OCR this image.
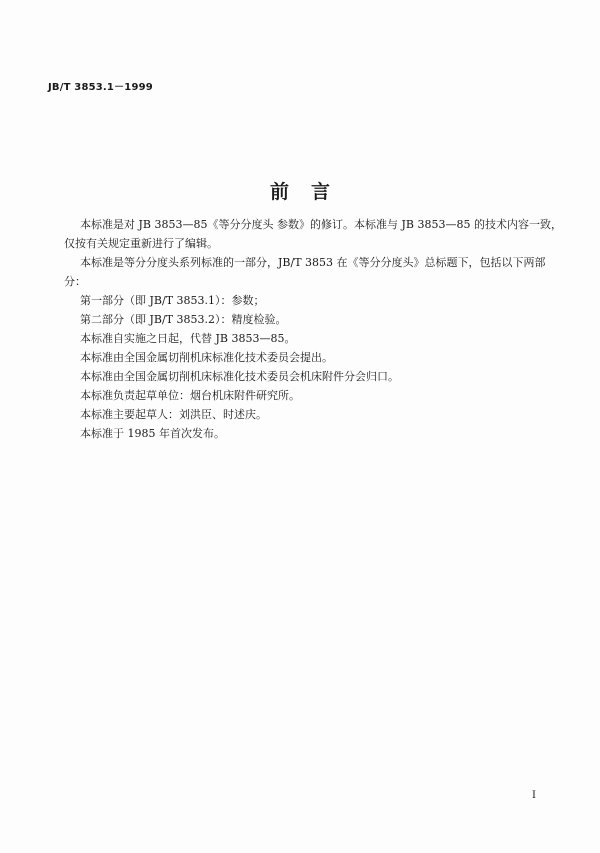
JB/T 3853.1－1999
前言

本标准是对 JB 3853—85《等分分度头 参数》的修订。本标准与 JB 3853—85 的技术内容一致，
仅按有关规定重新进行了编辑。

本标准是等分分度头系列标准的一部分，JB/T 3853 在《等分分度头》总标题下，包括以下两部
分：

第一部分（即 JB/T 3853.1）：参数；

第二部分（即 JB/T 3853.2）：精度检验。

本标准自实施之日起，代替 JB 3853—85。

本标准由全国金属切削机床标准化技术委员会提出。

本标准由全国金属切削机床标准化技术委员会机床附件分会归口。

本标准负责起草单位：烟台机床附件研究所。

本标准主要起草人：刘洪臣、时述庆。

本标准于 1985 年首次发布。

I
